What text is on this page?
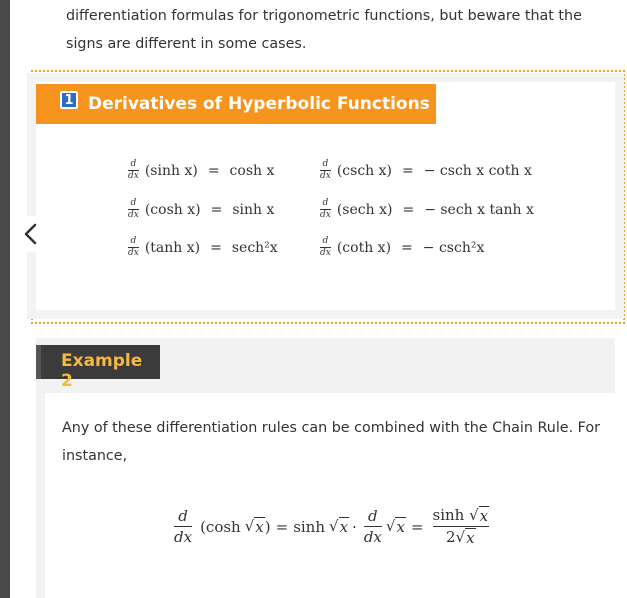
differentiation formulas for trigonometric functions, but beware that the

signs are different in some cases.

1 Derivatives of Hyperbolic Functions
$\frac{d}{dx} (\sinh$ x) = cosh x	$\frac{d}{dx} (\csc h$ x) = − csch x coth x
$\frac{d}{dx} (\cosh$ x) = sinh x	$\frac{d}{dx} (\sec h$ x) = − sech x tanh x
$\frac{d}{dx} (\tanh$ x) = sech²x	$\frac{d}{dx} (\cot h$ x) = − csch²x
Example 2

Any of these differentiation rules can be combined with the Chain Rule. For

instance,

$\frac{d}{dx} (\cosh$ √ x ) = sinh √ $x \cdot \frac{d}{dx}$ √ $x = \frac{\sinh √ x}{2√ x}$
